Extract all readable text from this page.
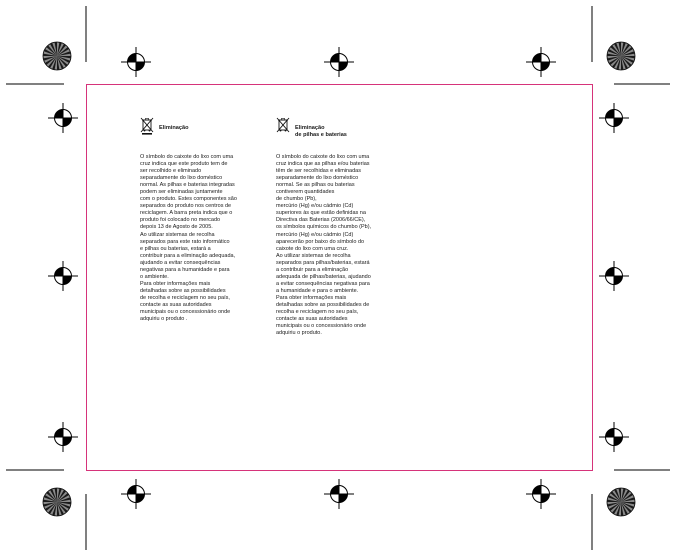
Eliminação
O símbolo do caixote do lixo com uma
cruz indica que este produto tem de
ser recolhido e eliminado
separadamente do lixo doméstico
normal. As pilhas e baterias integradas
podem ser eliminadas juntamente
com o produto. Estes componentes são
separados do produto nos centros de
reciclagem. A barra preta indica que o
produto foi colocado no mercado
depois 13 de Agosto de 2005.
Ao utilizar sistemas de recolha
separados para este rato informático
e pilhas ou baterias, estará a
contribuir para a eliminação adequada,
ajudando a evitar consequências
negativas para a humanidade e para
o ambiente.
Para obter informações mais
detalhadas sobre as possibilidades
de recolha e reciclagem no seu país,
contacte as suas autoridades
municipais ou o concessionário onde
adquiriu o produto .
Eliminação
de pilhas e baterias
O símbolo do caixote do lixo com uma
cruz indica que as pilhas e/ou baterias
têm de ser recolhidas e eliminadas
separadamente do lixo doméstico
normal. Se as pilhas ou baterias
contiverem quantidades
de chumbo (Pb),
mercúrio (Hg) e/ou cádmio (Cd)
superiores às que estão definidas na
Directiva das Baterias (2006/66/CE),
os símbolos químicos do chumbo (Pb),
mercúrio (Hg) e/ou cádmio (Cd)
aparecerão por baixo do símbolo do
caixote do lixo com uma cruz.
Ao utilizar sistemas de recolha
separados para pilhas/baterias, estará
a contribuir para a eliminação
adequada de pilhas/baterias, ajudando
a evitar consequências negativas para
a humanidade e para o ambiente.
Para obter informações mais
detalhadas sobre as possibilidades de
recolha e reciclagem no seu país,
contacte as suas autoridades
municipais ou o concessionário onde
adquiriu o produto.
